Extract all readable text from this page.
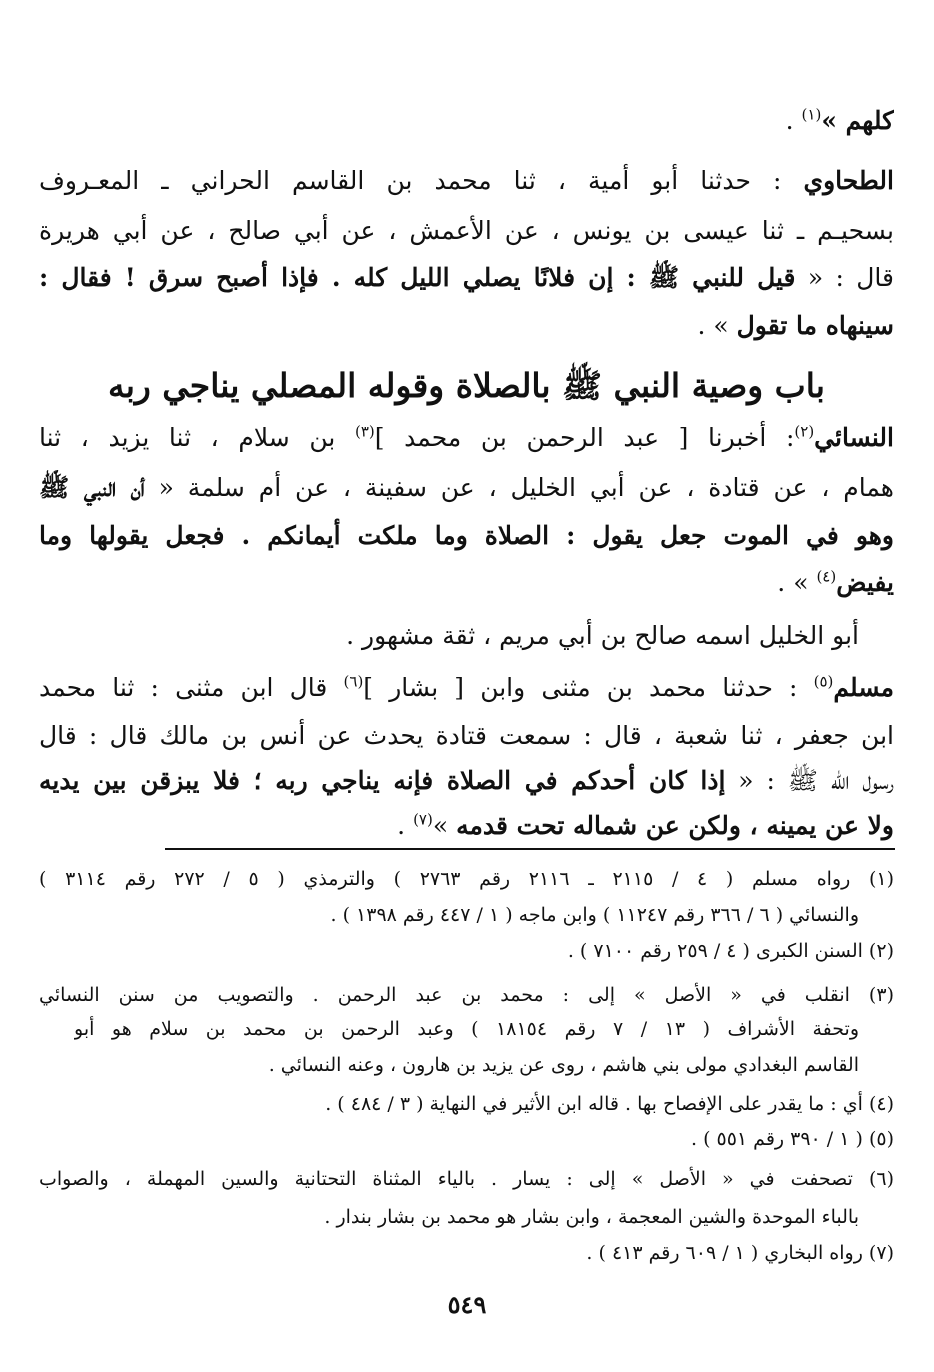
كلهم »$^{(١)}$ .
الطحاوي : حدثنا أبو أمية ، ثنا محمد بن القاسم الحراني ـ المعـروف
بسحيـم ـ ثنا عيسى بن يونس ، عن الأعمش ، عن أبي صالح ، عن أبي هريرة
قال : « قيل للنبي ﷺ : إن فلانًا يصلي الليل كله . فإذا أصبح سرق ! فقال :
سينهاه ما تقول » .
باب وصية النبي ﷺ بالصلاة وقوله المصلي يناجي ربه
النسائي$^{(٢)}$: أخبرنا [ عبد الرحمن بن محمد ]$^{(٣)}$ بن سلام ، ثنا يزيد ، ثنا
همام ، عن قتادة ، عن أبي الخليل ، عن سفينة ، عن أم سلمة « أن النبي ﷺ
وهو في الموت جعل يقول : الصلاة وما ملكت أيمانكم . فجعل يقولها وما
يفيض$^{(٤)}$ » .
أبو الخليل اسمه صالح بن أبي مريم ، ثقة مشهور .
مسلم$^{(٥)}$ : حدثنا محمد بن مثنى وابن [ بشار ]$^{(٦)}$ قال ابن مثنى : ثنا محمد
ابن جعفر ، ثنا شعبة ، قال : سمعت قتادة يحدث عن أنس بن مالك قال : قال
رسول الله ﷺ : « إذا كان أحدكم في الصلاة فإنه يناجي ربه ؛ فلا يبزقن بين يديه
ولا عن يمينه ، ولكن عن شماله تحت قدمه »$^{(٧)}$ .
(١) رواه مسلم ( ٤ / ٢١١٥ ـ ٢١١٦ رقم ٢٧٦٣ ) والترمذي ( ٥ / ٢٧٢ رقم ٣١١٤ )
والنسائي ( ٦ / ٣٦٦ رقم ١١٢٤٧ ) وابن ماجه ( ١ / ٤٤٧ رقم ١٣٩٨ ) .
(٢) السنن الكبرى ( ٤ / ٢٥٩ رقم ٧١٠٠ ) .
(٣) انقلب في « الأصل » إلى : محمد بن عبد الرحمن . والتصويب من سنن النسائي
وتحفة الأشراف ( ١٣ / ٧ رقم ١٨١٥٤ ) وعبد الرحمن بن محمد بن سلام هو أبو
القاسم البغدادي مولى بني هاشم ، روى عن يزيد بن هارون ، وعنه النسائي .
(٤) أي : ما يقدر على الإفصاح بها . قاله ابن الأثير في النهاية ( ٣ / ٤٨٤ ) .
(٥) ( ١ / ٣٩٠ رقم ٥٥١ ) .
(٦) تصحفت في « الأصل » إلى : يسار . بالياء المثناة التحتانية والسين المهملة ، والصواب
بالباء الموحدة والشين المعجمة ، وابن بشار هو محمد بن بشار بندار .
(٧) رواه البخاري ( ١ / ٦٠٩ رقم ٤١٣ ) .
٥٤٩
